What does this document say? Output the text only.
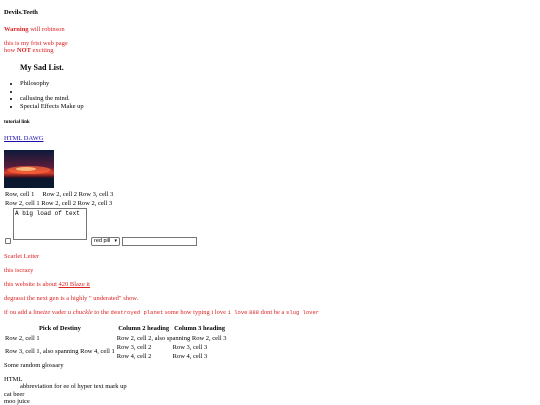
Devils.Teeth
Warning will robinson
this is my frist web page
how NOT exciting
My Sad List.
• Philosophy
•
• callusing the mind.
• Special Effects Make up
tutorial link
HTML DAWG
Row, cell 1 Row 2, cell 2 Row 3, cell 3
Row 2, cell 1 Row 2, cell 2 Row 2, cell 3
A big load of text
red pill ▾
Scarlet Letter
this iscrazy
this website is about 420 Blaze it
degrassi the next gen is a highly " underated" show.
if ou add a lineize vader u chuckle to the destroyed planet some how typing i love i love 888 dont be a slug lover
Pick of Destiny	Column 2 heading	Column 3 heading
Row 2, cell 1	Row 2, cell 2, also spanning Row 2, cell 3	
Row 3, cell 1, also spanning Row 4, cell 1	Row 3, cell 2	Row 3, cell 3
	Row 4, cell 2	Row 4, cell 3
Some random glossary
HTML
abbreviation for ee ol hyper text mark up
cat beer
moo juice
